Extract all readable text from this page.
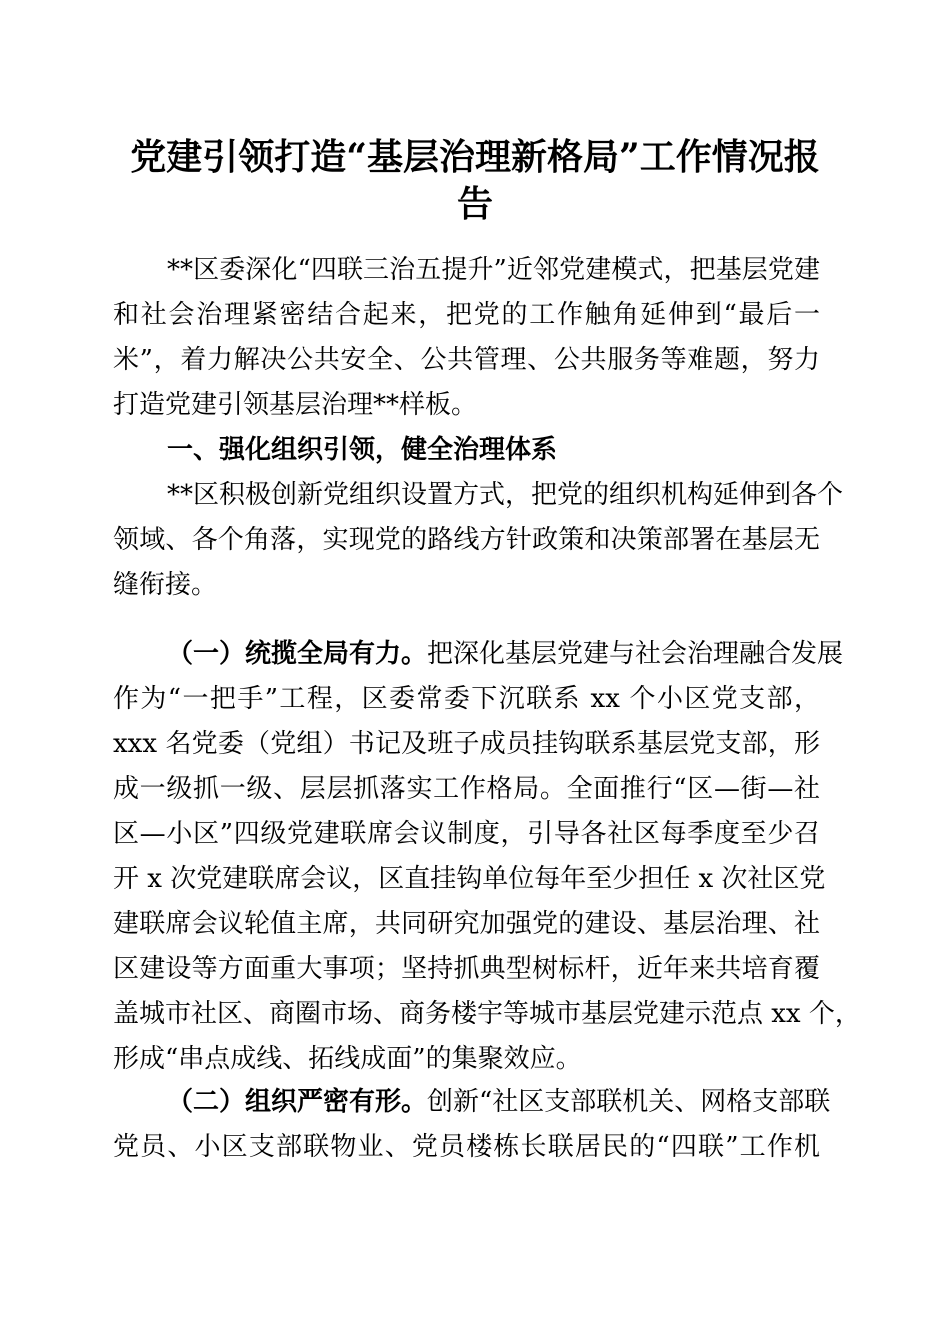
党建引领打造“基层治理新格局”工作情况报
告
**区委深化“四联三治五提升”近邻党建模式，把基层党建
和社会治理紧密结合起来，把党的工作触角延伸到“最后一
米”，着力解决公共安全、公共管理、公共服务等难题，努力
打造党建引领基层治理**样板。
一、强化组织引领，健全治理体系
**区积极创新党组织设置方式，把党的组织机构延伸到各个
领域、各个角落，实现党的路线方针政策和决策部署在基层无
缝衔接。
（一）统揽全局有力。把深化基层党建与社会治理融合发展
作为“一把手”工程，区委常委下沉联系 xx 个小区党支部，
xxx 名党委（党组）书记及班子成员挂钩联系基层党支部，形
成一级抓一级、层层抓落实工作格局。全面推行“区—街—社
区—小区”四级党建联席会议制度，引导各社区每季度至少召
开 x 次党建联席会议，区直挂钩单位每年至少担任 x 次社区党
建联席会议轮值主席，共同研究加强党的建设、基层治理、社
区建设等方面重大事项；坚持抓典型树标杆，近年来共培育覆
盖城市社区、商圈市场、商务楼宇等城市基层党建示范点 xx 个，
形成“串点成线、拓线成面”的集聚效应。
（二）组织严密有形。创新“社区支部联机关、网格支部联
党员、小区支部联物业、党员楼栋长联居民的“四联”工作机
